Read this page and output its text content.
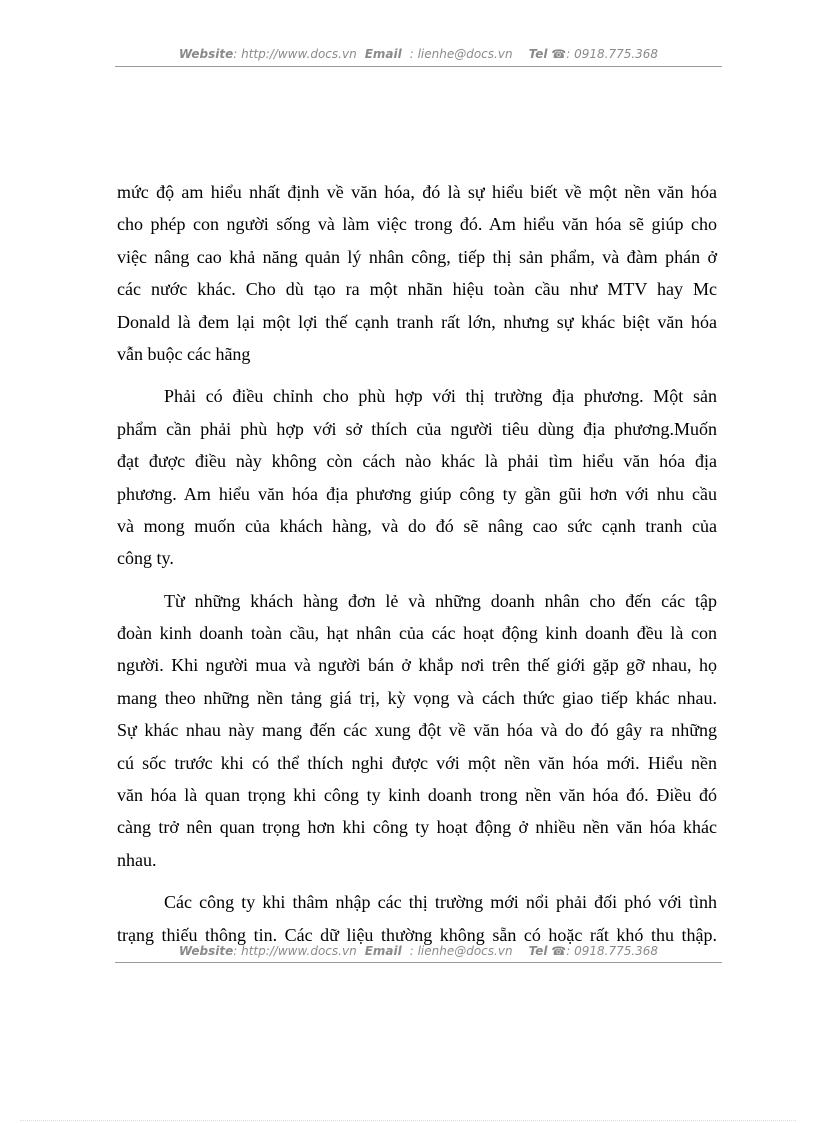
Website: http://www.docs.vn Email : lienhe@docs.vn Tel ☎: 0918.775.368
mức độ am hiểu nhất định về văn hóa, đó là sự hiểu biết về một nền văn hóa
cho phép con người sống và làm việc trong đó. Am hiểu văn hóa sẽ giúp cho
việc nâng cao khả năng quản lý nhân công, tiếp thị sản phẩm, và đàm phán ở
các nước khác. Cho dù tạo ra một nhãn hiệu toàn cầu như MTV hay Mc
Donald là đem lại một lợi thế cạnh tranh rất lớn, nhưng sự khác biệt văn hóa
vẫn buộc các hãng
Phải có điều chỉnh cho phù hợp với thị trường địa phương. Một sản
phẩm cần phải phù hợp với sở thích của người tiêu dùng địa phương.Muốn
đạt được điều này không còn cách nào khác là phải tìm hiểu văn hóa địa
phương. Am hiểu văn hóa địa phương giúp công ty gần gũi hơn với nhu cầu
và mong muốn của khách hàng, và do đó sẽ nâng cao sức cạnh tranh của
công ty.
Từ những khách hàng đơn lẻ và những doanh nhân cho đến các tập
đoàn kinh doanh toàn cầu, hạt nhân của các hoạt động kinh doanh đều là con
người. Khi người mua và người bán ở khắp nơi trên thế giới gặp gỡ nhau, họ
mang theo những nền tảng giá trị, kỳ vọng và cách thức giao tiếp khác nhau.
Sự khác nhau này mang đến các xung đột về văn hóa và do đó gây ra những
cú sốc trước khi có thể thích nghi được với một nền văn hóa mới. Hiểu nền
văn hóa là quan trọng khi công ty kinh doanh trong nền văn hóa đó. Điều đó
càng trở nên quan trọng hơn khi công ty hoạt động ở nhiều nền văn hóa khác
nhau.
Các công ty khi thâm nhập các thị trường mới nổi phải đối phó với tình
trạng thiếu thông tin. Các dữ liệu thường không sẵn có hoặc rất khó thu thập.
Website: http://www.docs.vn Email : lienhe@docs.vn Tel ☎: 0918.775.368
